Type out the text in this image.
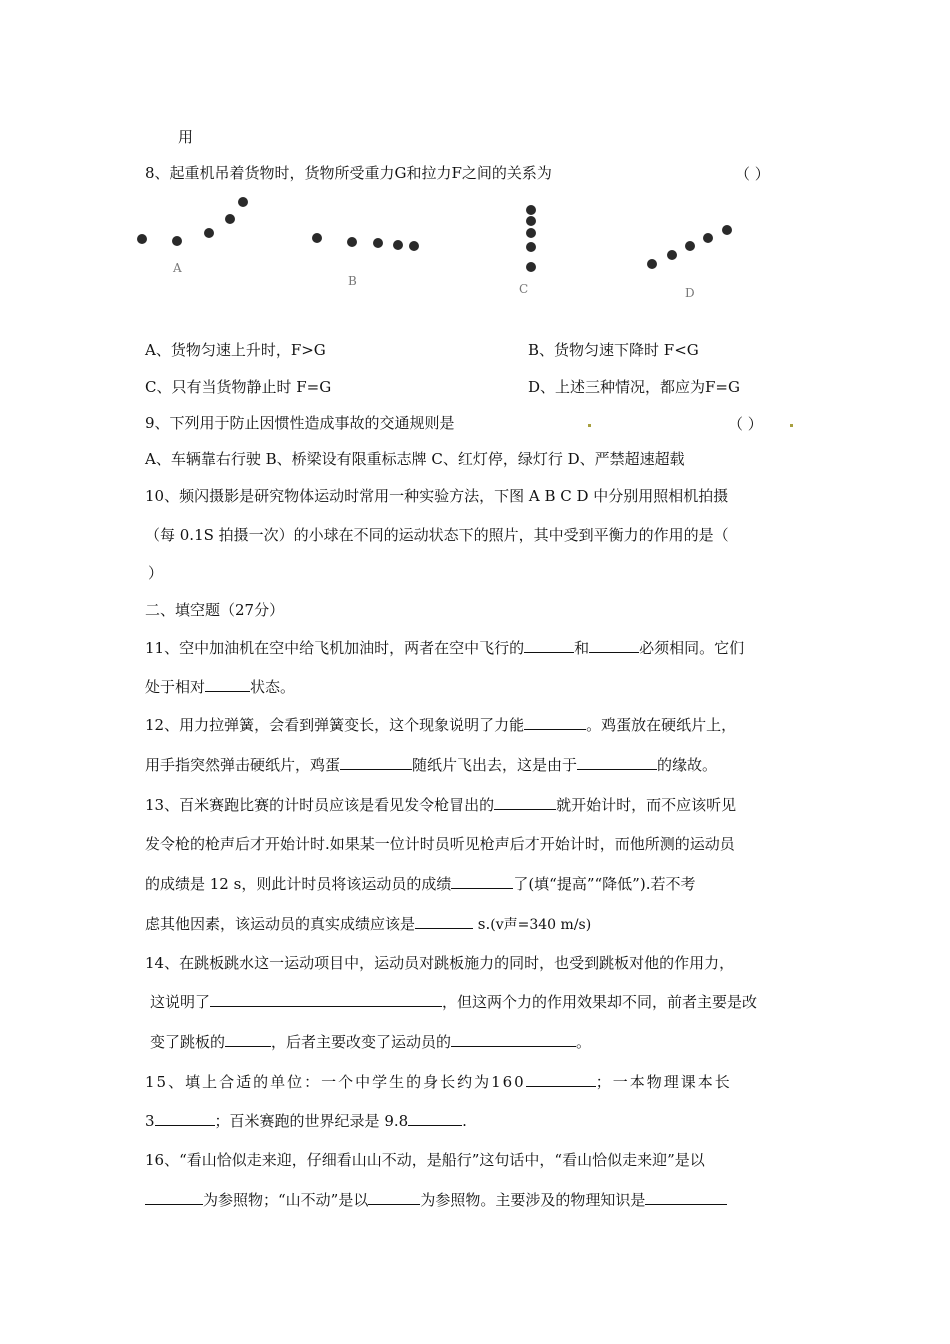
用
8、起重机吊着货物时，货物所受重力G和拉力F之间的关系为	（ ）
A
B
C	D
A、货物匀速上升时，F>G	B、货物匀速下降时 F<G
C、只有当货物静止时 F=G	D、上述三种情况，都应为F=G
9、下列用于防止因惯性造成事故的交通规则是	（ ）
A、车辆靠右行驶 B、桥梁设有限重标志牌 C、红灯停，绿灯行 D、严禁超速超载
10、频闪摄影是研究物体运动时常用一种实验方法，下图 A B C D 中分别用照相机拍摄
（每 0.1S 拍摄一次）的小球在不同的运动状态下的照片，其中受到平衡力的作用的是（
）
二、填空题（27分）
11、空中加油机在空中给飞机加油时，两者在空中飞行的	和	必须相同。它们
处于相对	状态。
12、用力拉弹簧，会看到弹簧变长，这个现象说明了力能	。鸡蛋放在硬纸片上，
用手指突然弹击硬纸片，鸡蛋	随纸片飞出去，这是由于	的缘故。
13、百米赛跑比赛的计时员应该是看见发令枪冒出的	就开始计时，而不应该听见
发令枪的枪声后才开始计时.如果某一位计时员听见枪声后才开始计时，而他所测的运动员
的成绩是 12 s，则此计时员将该运动员的成绩	了(填“提高”“降低”).若不考
虑其他因素，该运动员的真实成绩应该是	s.(v声=340 m/s)
14、在跳板跳水这一运动项目中，运动员对跳板施力的同时，也受到跳板对他的作用力，
这说明了	，但这两个力的作用效果却不同，前者主要是改
变了跳板的	，后者主要改变了运动员的	。
15、填上合适的单位：一个中学生的身长约为160	；一本物理课本长
3	；百米赛跑的世界纪录是 9.8	.
16、“看山恰似走来迎，仔细看山山不动，是船行”这句话中，“看山恰似走来迎”是以
为参照物；“山不动”是以	为参照物。主要涉及的物理知识是
